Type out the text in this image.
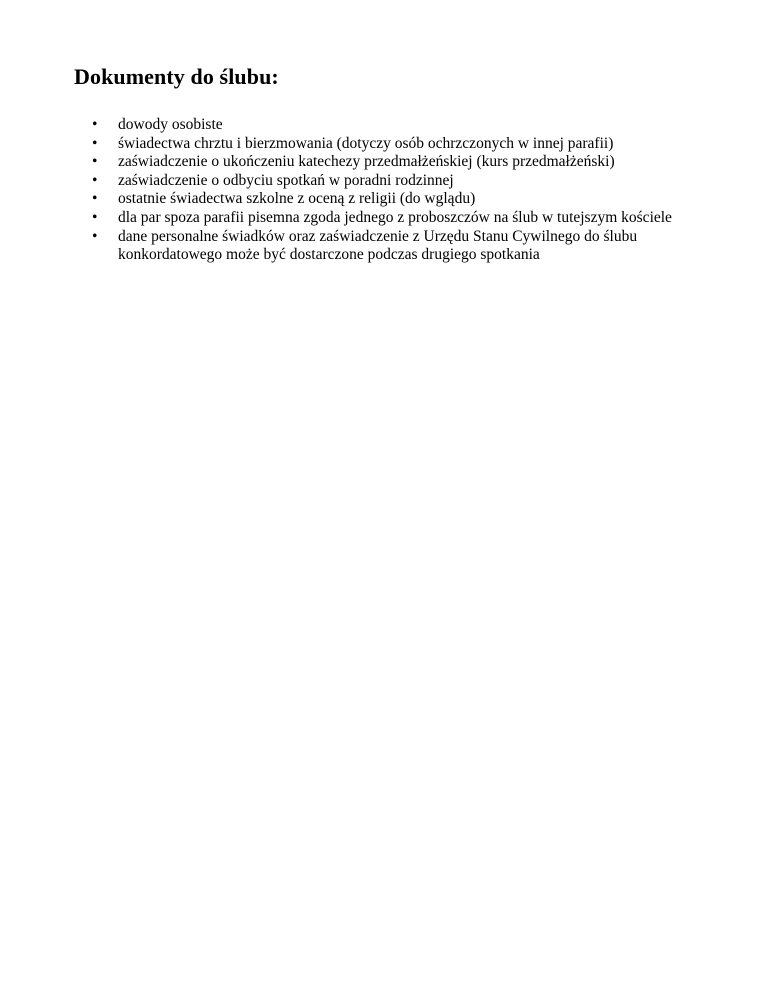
Dokumenty do ślubu:
•	dowody osobiste
•	świadectwa chrztu i bierzmowania (dotyczy osób ochrzczonych w innej parafii)
•	zaświadczenie o ukończeniu katechezy przedmałżeńskiej (kurs przedmałżeński)
•	zaświadczenie o odbyciu spotkań w poradni rodzinnej
•	ostatnie świadectwa szkolne z oceną z religii (do wglądu)
•	dla par spoza parafii pisemna zgoda jednego z proboszczów na ślub w tutejszym kościele
•	dane personalne świadków oraz zaświadczenie z Urzędu Stanu Cywilnego do ślubu konkordatowego może być dostarczone podczas drugiego spotkania
